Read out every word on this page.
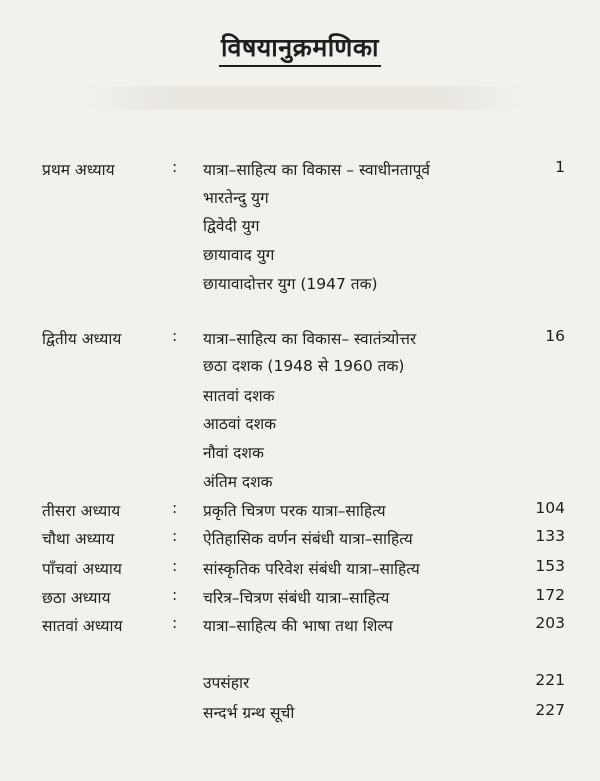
विषयानुक्रमणिका
प्रथम अध्याय	: यात्रा–साहित्य का विकास – स्वाधीनतापूर्व	1
भारतेन्दु युग
द्विवेदी युग
छायावाद युग
छायावादोत्तर युग (1947 तक)
द्वितीय अध्याय	: यात्रा–साहित्य का विकास– स्वातंत्र्योत्तर	16
छठा दशक (1948 से 1960 तक)
सातवां दशक
आठवां दशक
नौवां दशक
अंतिम दशक
तीसरा अध्याय	: प्रकृति चित्रण परक यात्रा–साहित्य	104
चौथा अध्याय	: ऐतिहासिक वर्णन संबंधी यात्रा–साहित्य	133
पाँचवां अध्याय	: सांस्कृतिक परिवेश संबंधी यात्रा–साहित्य	153
छठा अध्याय	: चरित्र–चित्रण संबंधी यात्रा–साहित्य	172
सातवां अध्याय	: यात्रा–साहित्य की भाषा तथा शिल्प	203
उपसंहार	221
सन्दर्भ ग्रन्थ सूची	227
